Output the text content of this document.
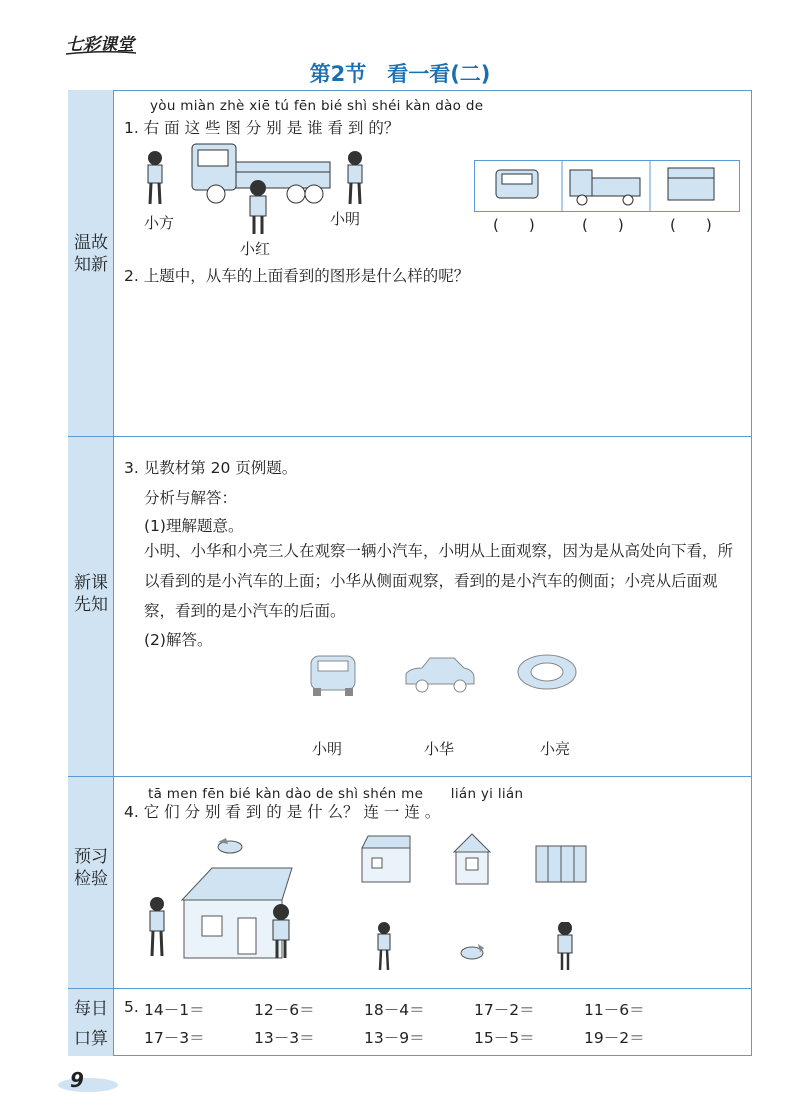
七彩课堂
第2节　看一看(二)
温故知新
新课先知
预习检验
每日口算
yòu miàn zhè xiē tú fēn bié shì shéi kàn dào de
1. 右 面 这 些 图 分 别 是 谁 看 到 的？
小方
小红
小明	(　　)	(　　)	(　　)
2. 上题中，从车的上面看到的图形是什么样的呢？
3. 见教材第 20 页例题。
分析与解答：
(1)理解题意。
小明、小华和小亮三人在观察一辆小汽车，小明从上面观察，因为是从高处向下看，所以看到的是小汽车的上面；小华从侧面观察，看到的是小汽车的侧面；小亮从后面观察，看到的是小汽车的后面。
(2)解答。
小明	小华	小亮
tā men fēn bié kàn dào de shì shén me　　lián yi lián
4. 它 们 分 别 看 到 的 是 什 么？ 连 一 连 。
5. 14－1＝	12－6＝	18－4＝	17－2＝	11－6＝
17－3＝	13－3＝	13－9＝	15－5＝	19－2＝
9
